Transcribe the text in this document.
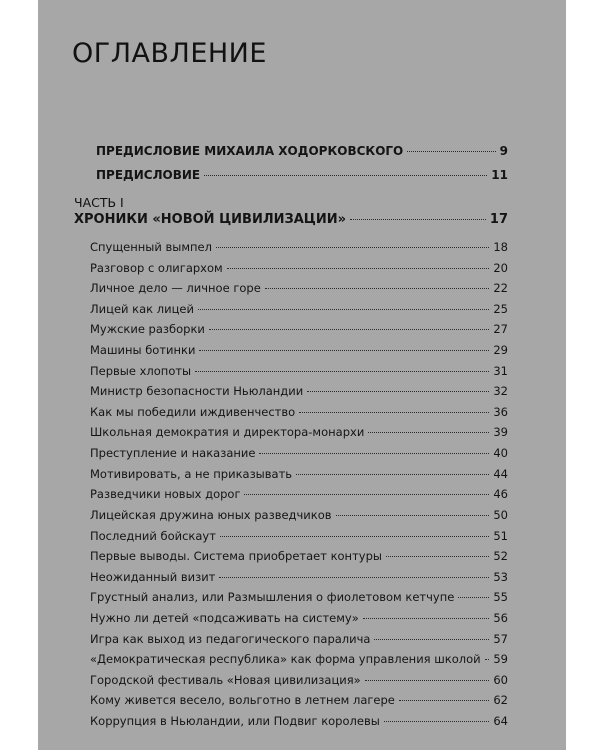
ОГЛАВЛЕНИЕ
ПРЕДИСЛОВИЕ МИХАИЛА ХОДОРКОВСКОГО	9
ПРЕДИСЛОВИЕ	11
ЧАСТЬ I
ХРОНИКИ «НОВОЙ ЦИВИЛИЗАЦИИ»	17
Спущенный вымпел	18
Разговор с олигархом	20
Личное дело — личное горе	22
Лицей как лицей	25
Мужские разборки	27
Машины ботинки	29
Первые хлопоты	31
Министр безопасности Ньюландии	32
Как мы победили иждивенчество	36
Школьная демократия и директора-монархи	39
Преступление и наказание	40
Мотивировать, а не приказывать	44
Разведчики новых дорог	46
Лицейская дружина юных разведчиков	50
Последний бойскаут	51
Первые выводы. Система приобретает контуры	52
Неожиданный визит	53
Грустный анализ, или Размышления о фиолетовом кетчупе	55
Нужно ли детей «подсаживать на систему»	56
Игра как выход из педагогического паралича	57
«Демократическая республика» как форма управления школой 59
Городской фестиваль «Новая цивилизация»	60
Кому живется весело, вольготно в летнем лагере	62
Коррупция в Ньюландии, или Подвиг королевы	64
